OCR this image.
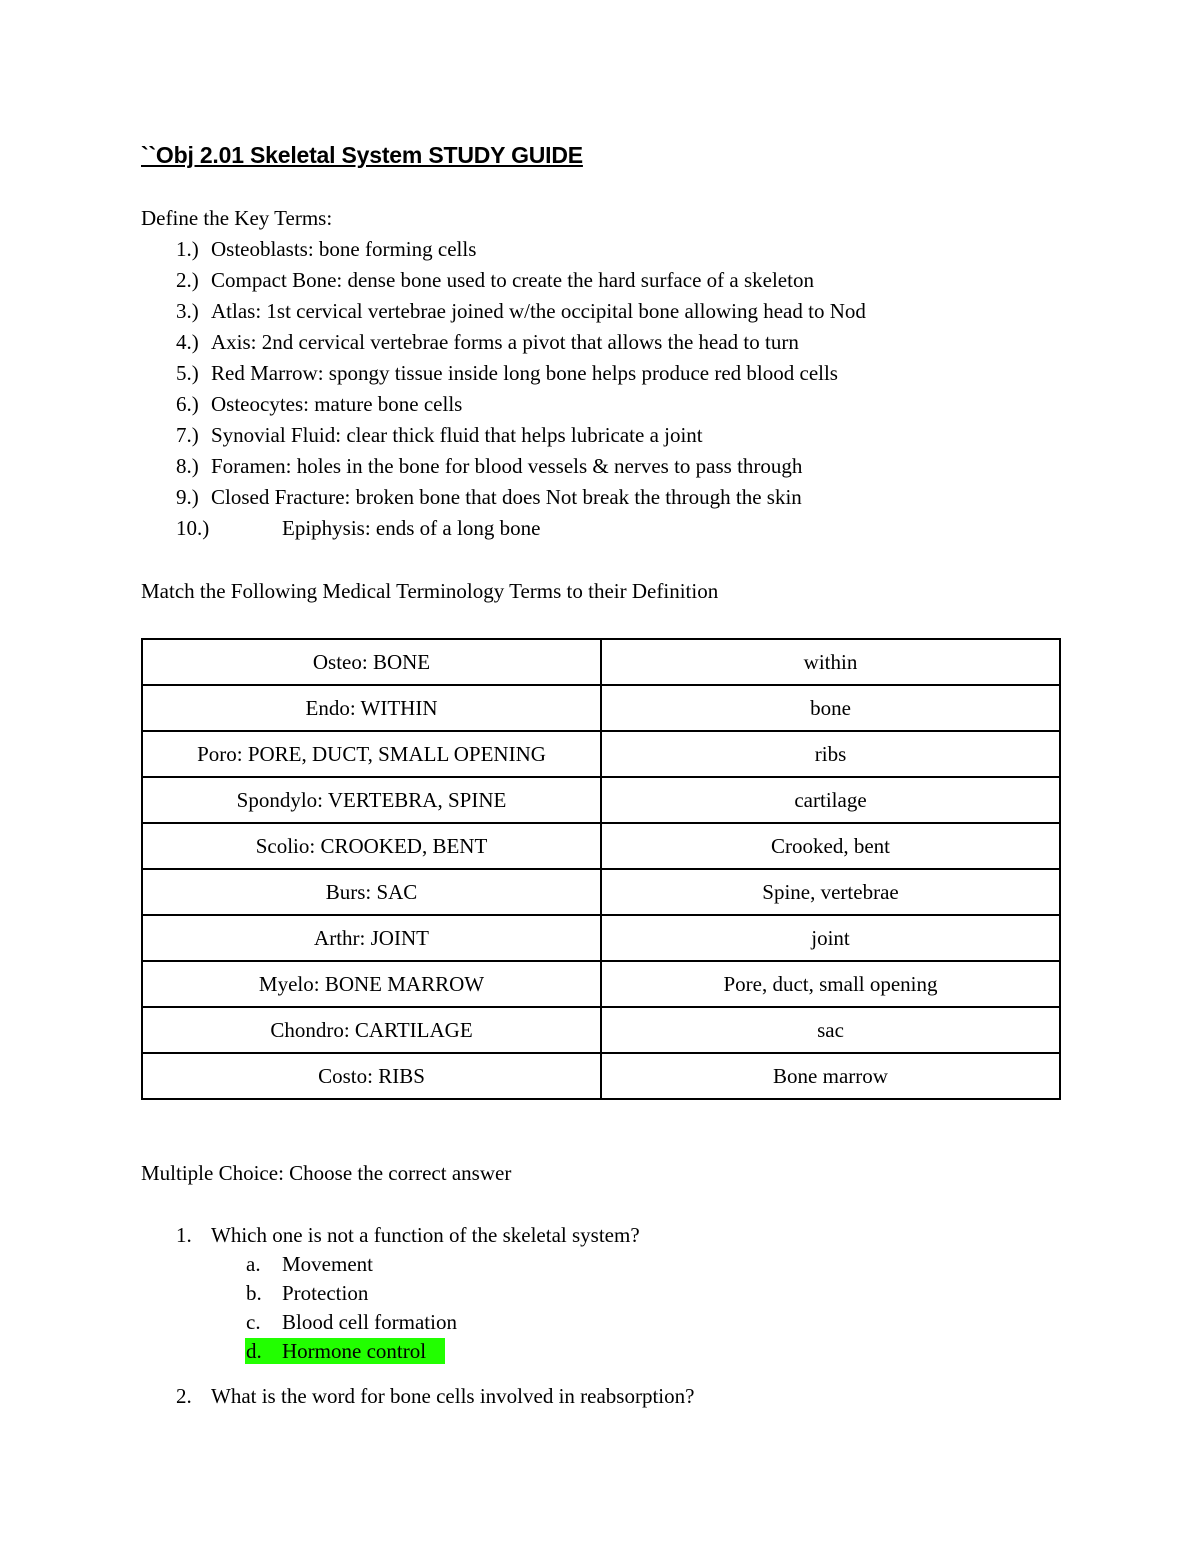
``Obj 2.01 Skeletal System STUDY GUIDE
Define the Key Terms:
1.) Osteoblasts: bone forming cells
2.) Compact Bone: dense bone used to create the hard surface of a skeleton
3.) Atlas: 1st cervical vertebrae joined w/the occipital bone allowing head to Nod
4.) Axis: 2nd cervical vertebrae forms a pivot that allows the head to turn
5.) Red Marrow: spongy tissue inside long bone helps produce red blood cells
6.) Osteocytes: mature bone cells
7.) Synovial Fluid: clear thick fluid that helps lubricate a joint
8.) Foramen: holes in the bone for blood vessels & nerves to pass through
9.) Closed Fracture: broken bone that does Not break the through the skin
10.)	Epiphysis: ends of a long bone
Match the Following Medical Terminology Terms to their Definition
Osteo: BONE	within
Endo: WITHIN	bone
Poro: PORE, DUCT, SMALL OPENING	ribs
Spondylo: VERTEBRA, SPINE	cartilage
Scolio: CROOKED, BENT	Crooked, bent
Burs: SAC	Spine, vertebrae
Arthr: JOINT	joint
Myelo: BONE MARROW	Pore, duct, small opening
Chondro: CARTILAGE	sac
Costo: RIBS	Bone marrow
Multiple Choice: Choose the correct answer
1. Which one is not a function of the skeletal system?
a. Movement
b. Protection
c. Blood cell formation
d. Hormone control
2. What is the word for bone cells involved in reabsorption?
